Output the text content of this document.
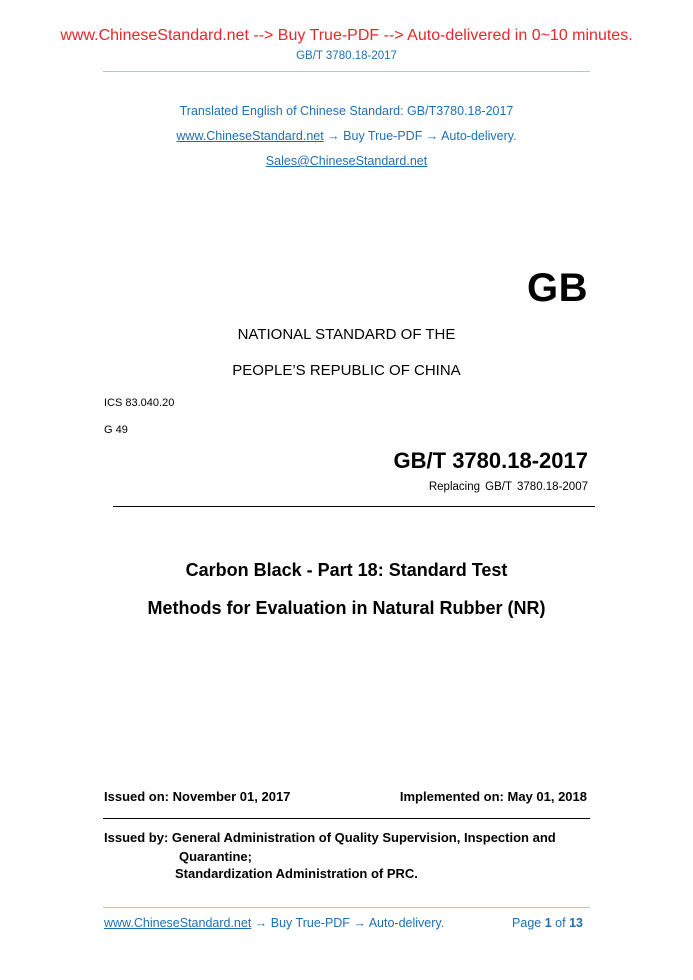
www.ChineseStandard.net --> Buy True-PDF --> Auto-delivered in 0~10 minutes.
GB/T 3780.18-2017
Translated English of Chinese Standard: GB/T3780.18-2017
www.ChineseStandard.net → Buy True-PDF → Auto-delivery.
Sales@ChineseStandard.net
GB
NATIONAL STANDARD OF THE
PEOPLE’S REPUBLIC OF CHINA
ICS 83.040.20
G 49
GB/T 3780.18-2017
Replacing GB/T 3780.18-2007
Carbon Black - Part 18: Standard Test
Methods for Evaluation in Natural Rubber (NR)
Issued on: November 01, 2017	Implemented on: May 01, 2018
Issued by: General Administration of Quality Supervision, Inspection and
Quarantine;
Standardization Administration of PRC.
www.ChineseStandard.net → Buy True-PDF → Auto-delivery.	Page 1 of 13
